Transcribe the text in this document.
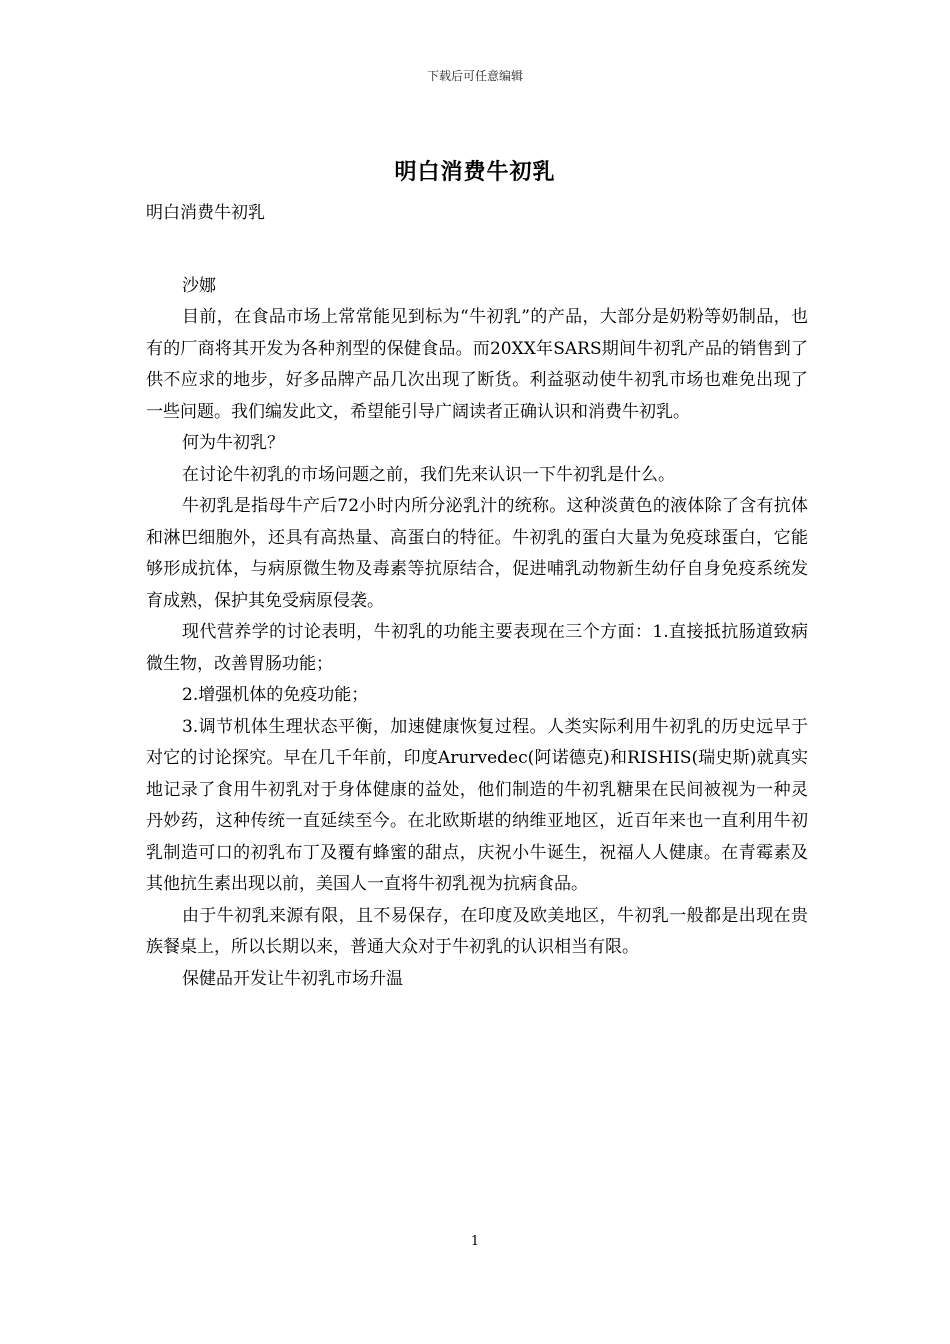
下载后可任意编辑
明白消费牛初乳

明白消费牛初乳

沙娜

目前，在食品市场上常常能见到标为“牛初乳”的产品，大部分是奶粉等奶制品，也有的厂商将其开发为各种剂型的保健食品。而20XX年SARS期间牛初乳产品的销售到了供不应求的地步，好多品牌产品几次出现了断货。利益驱动使牛初乳市场也难免出现了一些问题。我们编发此文，希望能引导广阔读者正确认识和消费牛初乳。

何为牛初乳？

在讨论牛初乳的市场问题之前，我们先来认识一下牛初乳是什么。

牛初乳是指母牛产后72小时内所分泌乳汁的统称。这种淡黄色的液体除了含有抗体和淋巴细胞外，还具有高热量、高蛋白的特征。牛初乳的蛋白大量为免疫球蛋白，它能够形成抗体，与病原微生物及毒素等抗原结合，促进哺乳动物新生幼仔自身免疫系统发育成熟，保护其免受病原侵袭。

现代营养学的讨论表明，牛初乳的功能主要表现在三个方面：1.直接抵抗肠道致病微生物，改善胃肠功能；

2.增强机体的免疫功能；

3.调节机体生理状态平衡，加速健康恢复过程。人类实际利用牛初乳的历史远早于对它的讨论探究。早在几千年前，印度Arurvedec(阿诺德克)和RISHIS(瑞史斯)就真实地记录了食用牛初乳对于身体健康的益处，他们制造的牛初乳糖果在民间被视为一种灵丹妙药，这种传统一直延续至今。在北欧斯堪的纳维亚地区，近百年来也一直利用牛初乳制造可口的初乳布丁及覆有蜂蜜的甜点，庆祝小牛诞生，祝福人人健康。在青霉素及其他抗生素出现以前，美国人一直将牛初乳视为抗病食品。

由于牛初乳来源有限，且不易保存，在印度及欧美地区，牛初乳一般都是出现在贵族餐桌上，所以长期以来，普通大众对于牛初乳的认识相当有限。

保健品开发让牛初乳市场升温

1
